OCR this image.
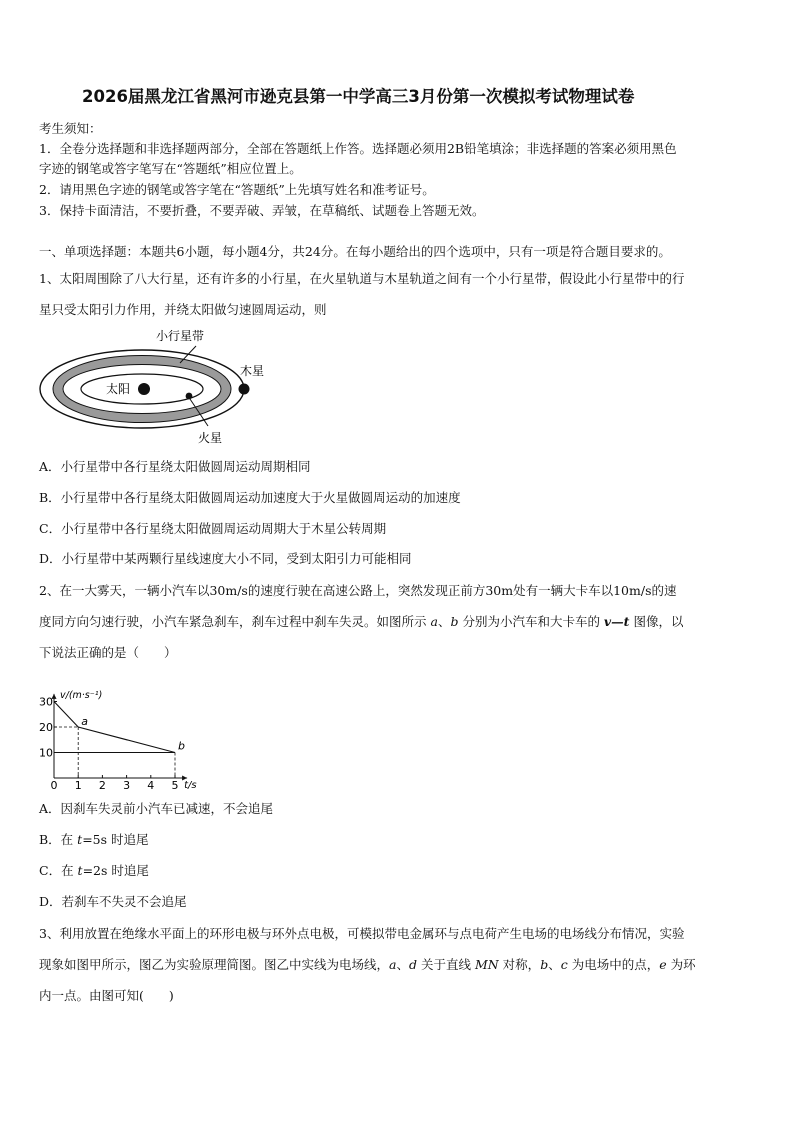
2026届黑龙江省黑河市逊克县第一中学高三3月份第一次模拟考试物理试卷
考生须知：
1．全卷分选择题和非选择题两部分，全部在答题纸上作答。选择题必须用2B铅笔填涂；非选择题的答案必须用黑色
字迹的钢笔或答字笔写在“答题纸”相应位置上。
2．请用黑色字迹的钢笔或答字笔在“答题纸”上先填写姓名和准考证号。
3．保持卡面清洁，不要折叠，不要弄破、弄皱，在草稿纸、试题卷上答题无效。
一、单项选择题：本题共6小题，每小题4分，共24分。在每小题给出的四个选项中，只有一项是符合题目要求的。
1、太阳周围除了八大行星，还有许多的小行星，在火星轨道与木星轨道之间有一个小行星带，假设此小行星带中的行
星只受太阳引力作用，并绕太阳做匀速圆周运动，则
小行星带
木星
太阳
火星
A．小行星带中各行星绕太阳做圆周运动周期相同
B．小行星带中各行星绕太阳做圆周运动加速度大于火星做圆周运动的加速度
C．小行星带中各行星绕太阳做圆周运动周期大于木星公转周期
D．小行星带中某两颗行星线速度大小不同，受到太阳引力可能相同
2、在一大雾天，一辆小汽车以30m/s的速度行驶在高速公路上，突然发现正前方30m处有一辆大卡车以10m/s的速
度同方向匀速行驶，小汽车紧急刹车，刹车过程中刹车失灵。如图所示 a、b 分别为小汽车和大卡车的 v—t 图像，以
下说法正确的是（　　）
0 1 2 3 4 5
10
20
30
v/(m·s⁻¹)
t/s
a
b
A．因刹车失灵前小汽车已减速，不会追尾
B．在 t=5s 时追尾
C．在 t=2s 时追尾
D．若刹车不失灵不会追尾
3、利用放置在绝缘水平面上的环形电极与环外点电极，可模拟带电金属环与点电荷产生电场的电场线分布情况，实验
现象如图甲所示，图乙为实验原理简图。图乙中实线为电场线，a、d 关于直线 MN 对称，b、c 为电场中的点，e 为环
内一点。由图可知(　　)
